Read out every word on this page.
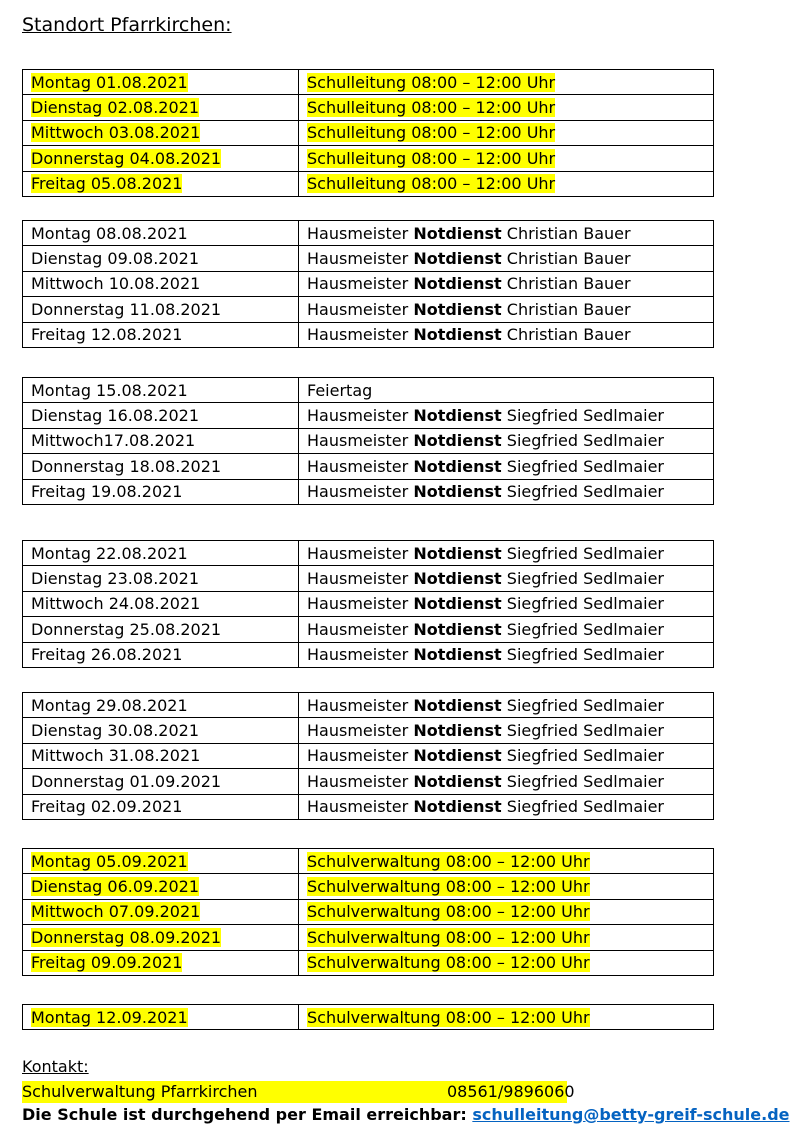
Standort Pfarrkirchen:
Montag 01.08.2021	Schulleitung 08:00 – 12:00 Uhr
Dienstag 02.08.2021	Schulleitung 08:00 – 12:00 Uhr
Mittwoch 03.08.2021	Schulleitung 08:00 – 12:00 Uhr
Donnerstag 04.08.2021	Schulleitung 08:00 – 12:00 Uhr
Freitag 05.08.2021	Schulleitung 08:00 – 12:00 Uhr
Montag 08.08.2021	Hausmeister Notdienst Christian Bauer
Dienstag 09.08.2021	Hausmeister Notdienst Christian Bauer
Mittwoch 10.08.2021	Hausmeister Notdienst Christian Bauer
Donnerstag 11.08.2021	Hausmeister Notdienst Christian Bauer
Freitag 12.08.2021	Hausmeister Notdienst Christian Bauer
Montag 15.08.2021	Feiertag
Dienstag 16.08.2021	Hausmeister Notdienst Siegfried Sedlmaier
Mittwoch17.08.2021	Hausmeister Notdienst Siegfried Sedlmaier
Donnerstag 18.08.2021	Hausmeister Notdienst Siegfried Sedlmaier
Freitag 19.08.2021	Hausmeister Notdienst Siegfried Sedlmaier
Montag 22.08.2021	Hausmeister Notdienst Siegfried Sedlmaier
Dienstag 23.08.2021	Hausmeister Notdienst Siegfried Sedlmaier
Mittwoch 24.08.2021	Hausmeister Notdienst Siegfried Sedlmaier
Donnerstag 25.08.2021	Hausmeister Notdienst Siegfried Sedlmaier
Freitag 26.08.2021	Hausmeister Notdienst Siegfried Sedlmaier
Montag 29.08.2021	Hausmeister Notdienst Siegfried Sedlmaier
Dienstag 30.08.2021	Hausmeister Notdienst Siegfried Sedlmaier
Mittwoch 31.08.2021	Hausmeister Notdienst Siegfried Sedlmaier
Donnerstag 01.09.2021	Hausmeister Notdienst Siegfried Sedlmaier
Freitag 02.09.2021	Hausmeister Notdienst Siegfried Sedlmaier
Montag 05.09.2021	Schulverwaltung 08:00 – 12:00 Uhr
Dienstag 06.09.2021	Schulverwaltung 08:00 – 12:00 Uhr
Mittwoch 07.09.2021	Schulverwaltung 08:00 – 12:00 Uhr
Donnerstag 08.09.2021	Schulverwaltung 08:00 – 12:00 Uhr
Freitag 09.09.2021	Schulverwaltung 08:00 – 12:00 Uhr
Montag 12.09.2021	Schulverwaltung 08:00 – 12:00 Uhr
Kontakt:
Schulverwaltung Pfarrkirchen	08561/9896060
Die Schule ist durchgehend per Email erreichbar: schulleitung@betty-greif-schule.de
